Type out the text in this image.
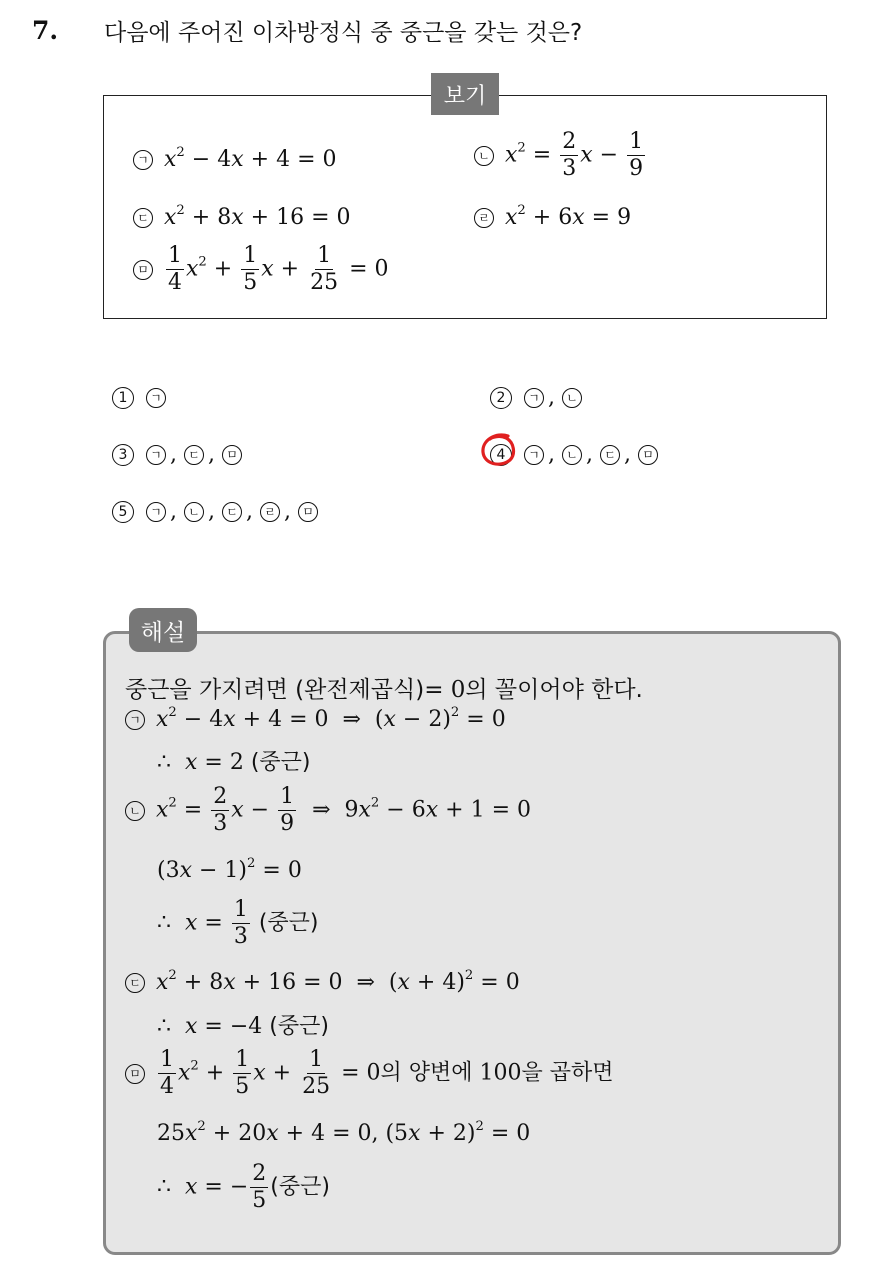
7. 다음에 주어진 이차방정식 중 중근을 갖는 것은?
보기
ㄱ $x^2 - 4x + 4 = 0$	ㄴ $x^2 = \frac{2}{3}$ $x - \frac{1}{9}$
ㄷ $x^2 + 8x + 16 = 0$	ㄹ $x^2 + 6x = 9$
ㅁ $\frac{1}{4} x^2 + \frac{1}{5}$ $x + \frac{1}{25} = 0$
1 ㄱ	2 ㄱ , ㄴ
3 ㄱ , ㄷ , ㅁ	4 ㄱ , ㄴ , ㄷ , ㅁ
5 ㄱ , ㄴ , ㄷ , ㄹ , ㅁ
해설
중근을 가지려면 (완전제곱식)= 0의 꼴이어야 한다.
ㄱ $x^2 - 4x + 4 = 0$  ⇒  $(x - 2)^2 = 0$
∴ x = 2 (중근)
ㄴ $x^2 = \frac{2}{3}$ $x - \frac{1}{9}$ ⇒  $9x^2 - 6x + 1 = 0$
$(3x - 1)^2 = 0$
∴ $x = \frac{1}{3}$ (중근)
ㄷ $x^2 + 8x + 16 = 0$  ⇒  $(x + 4)^2 = 0$
∴ x = −4 (중근)
ㅁ $\frac{1}{4} x^2 + \frac{1}{5}$ $x + \frac{1}{25} = 0$의 양변에 100을 곱하면
$25x^2 + 20x + 4 = 0$, $(5x + 2)^2 = 0$
∴ x = − $\frac{2}{5}$ (중근)
